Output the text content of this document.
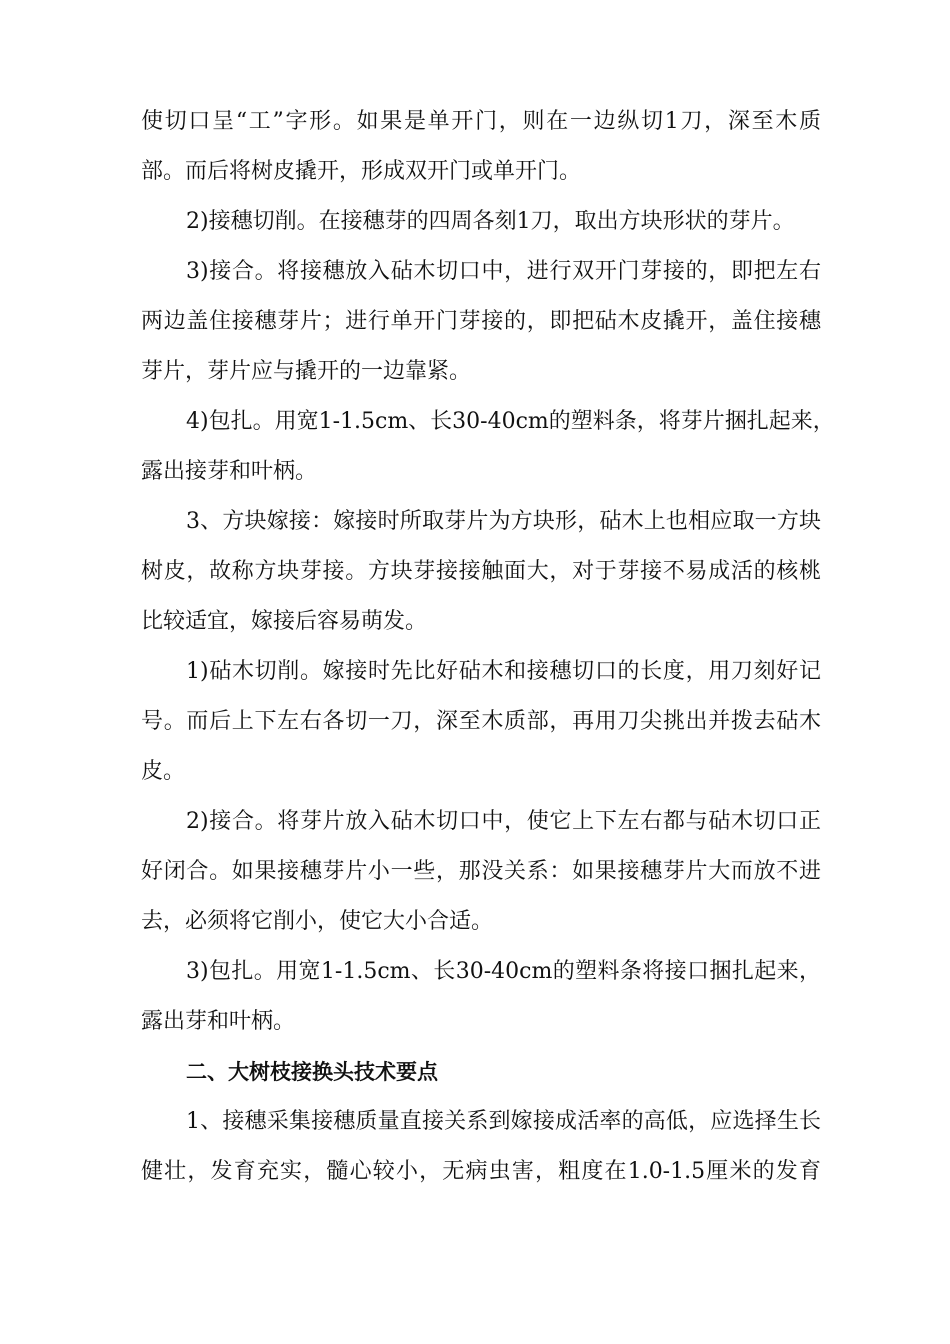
使切口呈“工”字形。如果是单开门，则在一边纵切1刀，深至木质
部。而后将树皮撬开，形成双开门或单开门。
2)接穗切削。在接穗芽的四周各刻1刀，取出方块形状的芽片。
3)接合。将接穗放入砧木切口中，进行双开门芽接的，即把左右
两边盖住接穗芽片；进行单开门芽接的，即把砧木皮撬开，盖住接穗
芽片，芽片应与撬开的一边靠紧。
4)包扎。用宽1-1.5cm、长30-40cm的塑料条，将芽片捆扎起来，
露出接芽和叶柄。
3、方块嫁接：嫁接时所取芽片为方块形，砧木上也相应取一方块
树皮，故称方块芽接。方块芽接接触面大，对于芽接不易成活的核桃
比较适宜，嫁接后容易萌发。
1)砧木切削。嫁接时先比好砧木和接穗切口的长度，用刀刻好记
号。而后上下左右各切一刀，深至木质部，再用刀尖挑出并拨去砧木
皮。
2)接合。将芽片放入砧木切口中，使它上下左右都与砧木切口正
好闭合。如果接穗芽片小一些，那没关系：如果接穗芽片大而放不进
去，必须将它削小，使它大小合适。
3)包扎。用宽1-1.5cm、长30-40cm的塑料条将接口捆扎起来，
露出芽和叶柄。
二、大树枝接换头技术要点
1、接穗采集接穗质量直接关系到嫁接成活率的高低，应选择生长
健壮，发育充实，髓心较小，无病虫害，粗度在1.0-1.5厘米的发育
